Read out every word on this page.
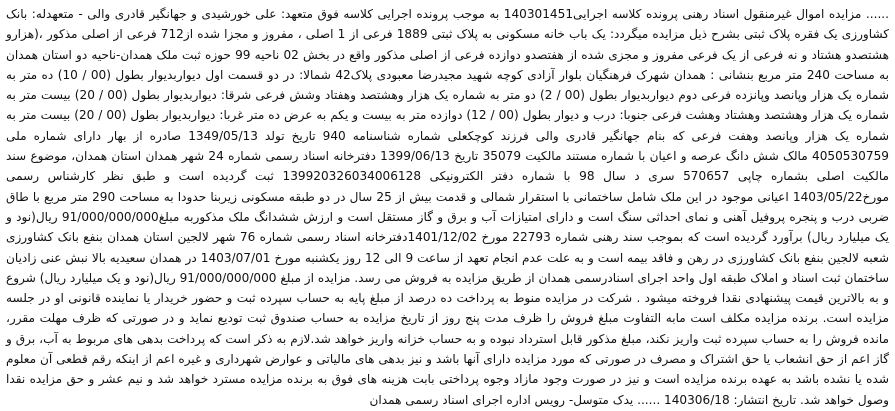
...... مزایده اموال غیرمنقول اسناد رهنی پرونده کلاسه اجرایی140301451 به موجب پرونده اجرایی کلاسه فوق متعهد: علی خورشیدی و جهانگیر قادری والی - متعهدله: بانک کشاورزی یک فقره پلاک ثبتی بشرح ذیل مزایده میگردد: یک باب خانه مسکونی به پلاک ثبتی 1889 فرعی از 1 اصلی ، مفروز و مجزا شده از712 فرعی از اصلی مذکور ،(هزارو هشتصدو هشتاد و نه فرعی از یک فرعی مفروز و مجزی شده از هفتصدو دوازده فرعی از اصلی مذکور واقع در بخش 02 ناحیه 99 حوزه ثبت ملک همدان-ناحیه دو استان همدان به مساحت 240 متر مربع بنشانی : همدان شهرک فرهنگیان بلوار آزادی کوچه شهید مجیدرضا معبودی پلاک42 شمالا: در دو قسمت اول دیواربدیوار بطول (00 / 10) ده متر به شماره یک هزار وپانصد وپانزده فرعی دوم دیواربدیوار بطول (00 / 2) دو متر به شماره یک هزار وهشتصد وهفتاد وشش فرعی شرقا: دیواربدیوار بطول (00 / 20) بیست متر به شماره یک هزار وهشتصد وهشتاد وهشت فرعی جنوبا: درب و دیوار بطول (00 / 12) دوازده متر به بیست و یکم به عرض ده متر غربا: دیواربدیوار بطول (00 / 20) بیست متر به شماره یک هزار وپانصد وهفت فرعی که بنام جهانگیر قادری والی فرزند کوچکعلی شماره شناسنامه 940 تاریخ تولد 1349/05/13 صادره از بهار دارای شماره ملی 4050530759 مالک شش دانگ عرصه و اعیان با شماره مستند مالکیت 35079 تاریخ 1399/06/13 دفترخانه اسناد رسمی شماره 24 شهر همدان استان همدان، موضوع سند مالکیت اصلی بشماره چاپی 570657 سری د سال 98 با شماره دفتر الکترونیکی 139920326034006128 ثبت گردیده است و طبق نظر کارشناس رسمی مورخ1403/05/22 اعیانی موجود در این ملک شامل ساختمانی با استقرار شمالی و قدمت بیش از 25 سال در دو طبقه مسکونی زیربنا حدودا به مساحت 290 متر مربع با طاق ضربی درب و پنجره پروفیل آهنی و نمای احداثی سنگ است و دارای امتیازات آب و برق و گاز مستقل است و ارزش ششدانگ ملک مذکوربه مبلغ91/000/000/000 ریال(نود و یک میلیارد ریال) برآورد گردیده است که بموجب سند رهنی شماره 22793 مورخ 1401/12/02دفترخانه اسناد رسمی شماره 76 شهر لالجین استان همدان بنفع بانک کشاورزی شعبه لالجین بنفع بانک کشاورزی در رهن و فاقد بیمه است و به علت عدم انجام تعهد از ساعت 9 الی 12 روز یکشنبه مورخ 1403/07/01 در همدان سعیدیه بالا نبش عنی زادیان ساختمان ثبت اسناد و املاک طبقه اول واحد اجرای اسنادرسمی همدان از طریق مزایده به فروش می رسد. مزایده از مبلغ 91/000/000/000 ریال(نود و یک میلیارد ریال) شروع و به بالاترین قیمت پیشنهادی نقدا فروخته میشود . شرکت در مزایده منوط به پرداخت ده درصد از مبلغ پایه به حساب سپرده ثبت و حضور خریدار یا نماینده قانونی او در جلسه مزایده است. برنده مزایده مکلف است مابه التفاوت مبلغ فروش را ظرف مدت پنج روز از تاریخ مزایده به حساب صندوق ثبت تودیع نماید و در صورتی که ظرف مهلت مقرر، مانده فروش را به حساب سپرده ثبت واریز نکند، مبلغ مذکور قابل استرداد نبوده و به حساب خزانه واریز خواهد شد.لازم به ذکر است که پرداخت بدهی های مربوط به آب، برق و گاز اعم از حق انشعاب یا حق اشتراک و مصرف در صورتی که مورد مزایده دارای آنها باشد و نیز بدهی های مالیاتی و عوارض شهرداری و غیره اعم از اینکه رقم قطعی آن معلوم شده یا نشده باشد به عهده برنده مزایده است و نیز در صورت وجود مازاد وجوه پرداختی بابت هزینه های فوق به برنده مزایده مسترد خواهد شد و نیم عشر و حق مزایده نقدا وصول خواهد شد. تاریخ انتشار: 140306/18 ...... یدک متوسل- رویس اداره اجرای اسناد رسمی همدان
